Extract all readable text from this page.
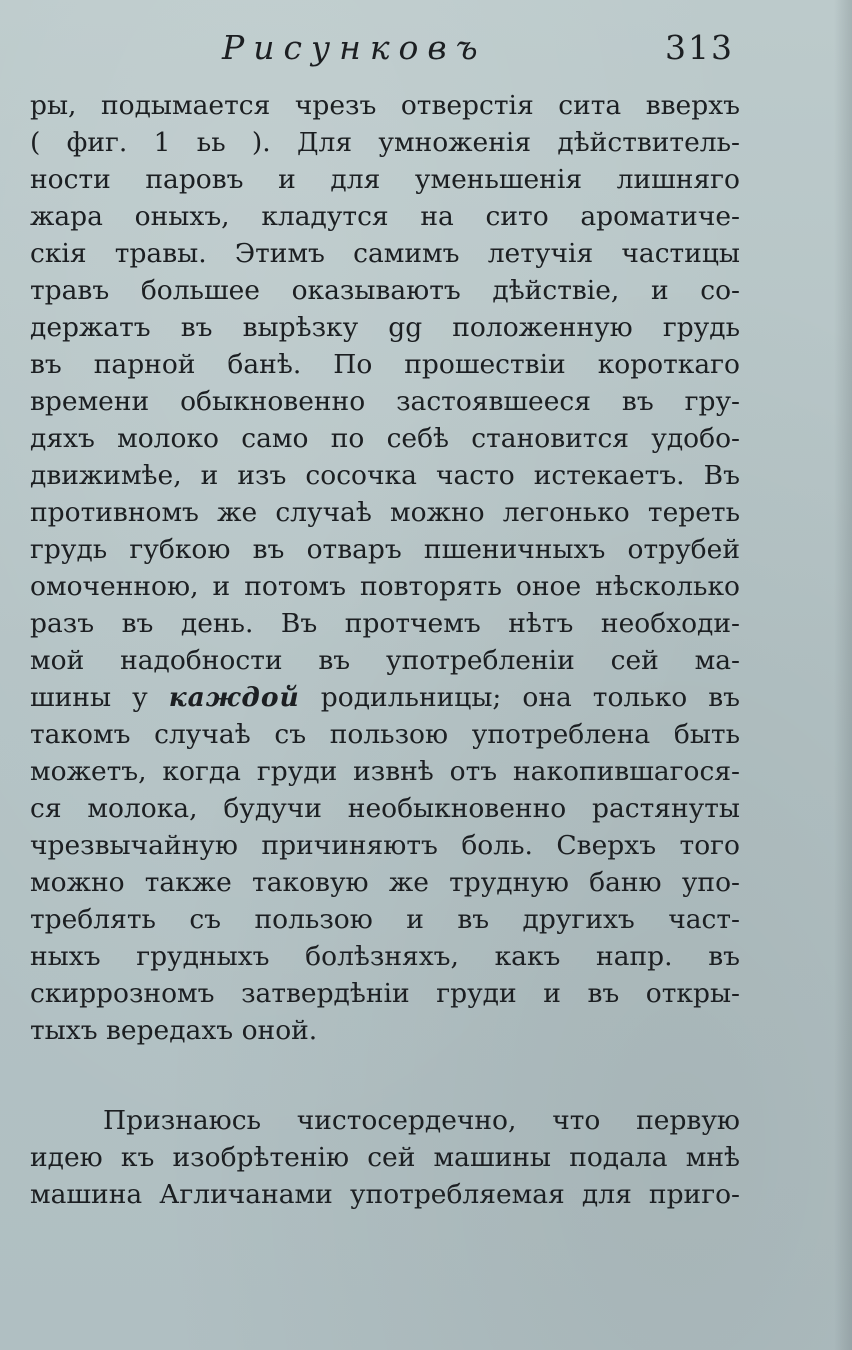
Рисунковъ	313
ры, подымается чрезъ отверстія сита вверхъ
( фиг. 1 ьь ). Для умноженія дѣйствитель-
ности паровъ и для уменьшенія лишняго
жара оныхъ, кладутся на сито ароматиче-
скія травы. Этимъ самимъ летучія частицы
травъ большее оказываютъ дѣйствіе, и со-
держатъ въ вырѣзку gg положенную грудь
въ парной банѣ. По прошествіи короткаго
времени обыкновенно застоявшееся въ гру-
дяхъ молоко само по себѣ становится удобо-
движимѣе, и изъ сосочка часто истекаетъ. Въ
противномъ же случаѣ можно легонько тереть
грудь губкою въ отваръ пшеничныхъ отрубей
омоченною, и потомъ повторять оное нѣсколько
разъ въ день. Въ протчемъ нѣтъ необходи-
мой надобности въ употребленіи сей ма-
шины у каждой родильницы; она только въ
такомъ случаѣ съ пользою употреблена быть
можетъ, когда груди извнѣ отъ накопившагося-
ся молока, будучи необыкновенно растянуты
чрезвычайную причиняютъ боль. Сверхъ того
можно также таковую же трудную баню упо-
треблять съ пользою и въ другихъ част-
ныхъ грудныхъ болѣзняхъ, какъ напр. въ
скиррозномъ затвердѣніи груди и въ откры-
тыхъ вередахъ оной.
Признаюсь чистосердечно, что первую
идею къ изобрѣтенію сей машины подала мнѣ
машина Агличанами употребляемая для приго-
